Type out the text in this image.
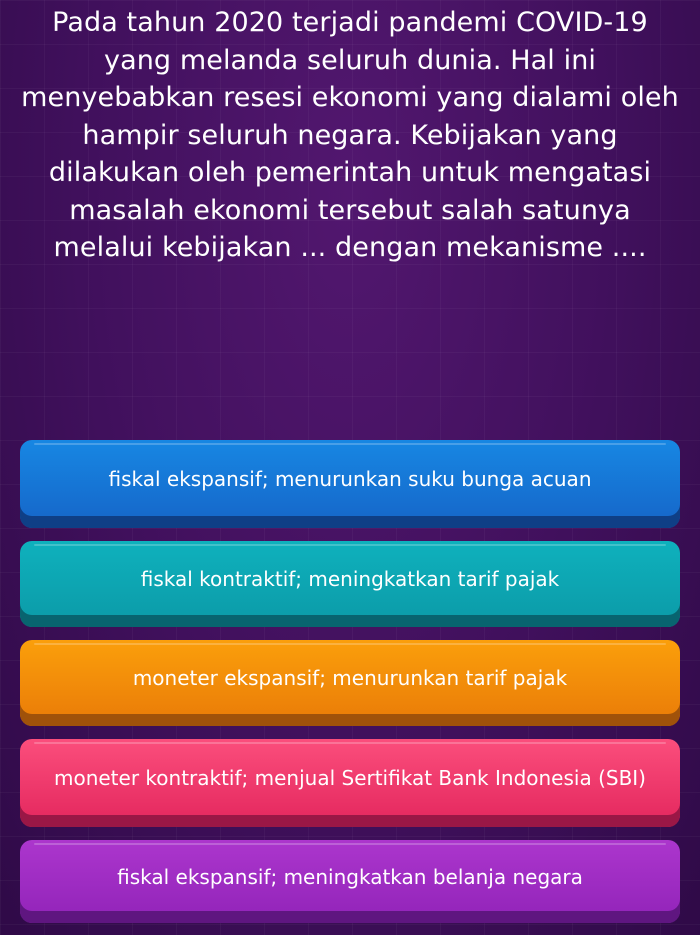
Pada tahun 2020 terjadi pandemi COVID-19 yang melanda seluruh dunia. Hal ini menyebabkan resesi ekonomi yang dialami oleh hampir seluruh negara. Kebijakan yang dilakukan oleh pemerintah untuk mengatasi masalah ekonomi tersebut salah satunya melalui kebijakan ... dengan mekanisme ....
fiskal ekspansif; menurunkan suku bunga acuan
fiskal kontraktif; meningkatkan tarif pajak
moneter ekspansif; menurunkan tarif pajak
moneter kontraktif; menjual Sertifikat Bank Indonesia (SBI)
fiskal ekspansif; meningkatkan belanja negara
